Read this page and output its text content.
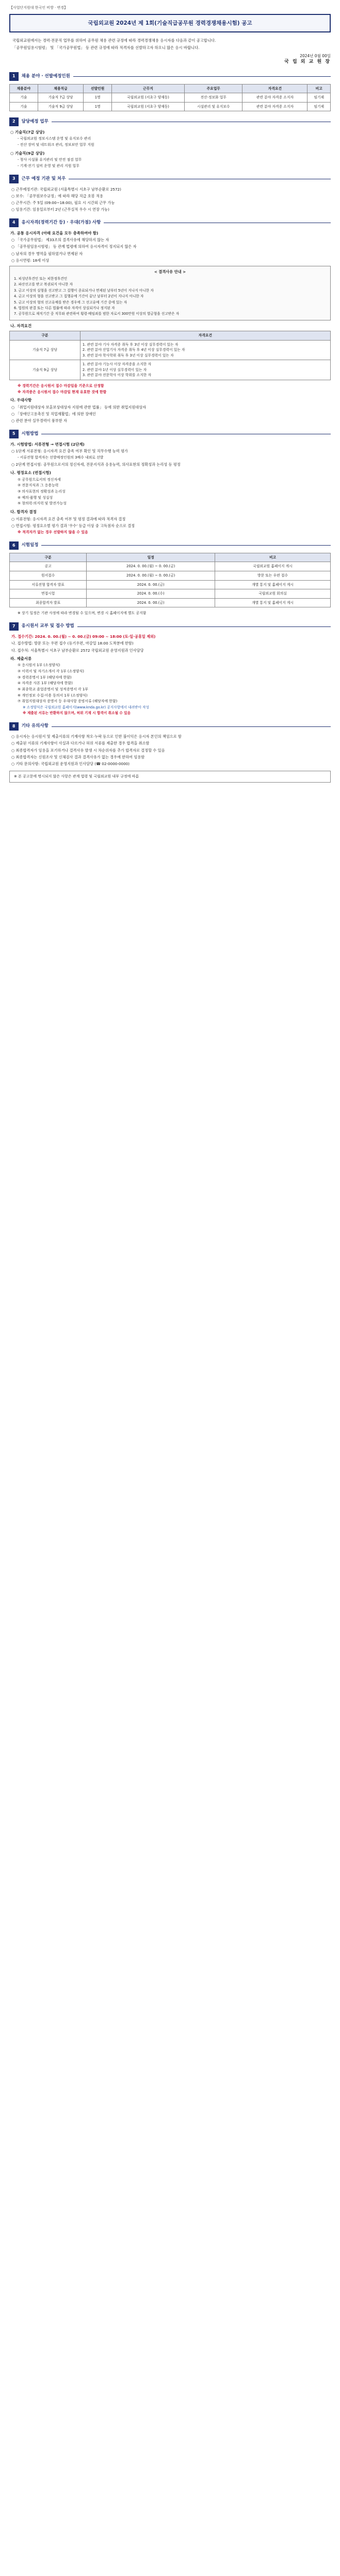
【사업단지원대 한국인 비방 · 변경】
국립외교원 2024년 제 1회(기술직급공무원 경력경쟁채용시험) 공고

국립외교원에서는 경력·전문직 업무를 위하여 공무원 채용 관련 규정에 따라 경력경쟁채용 응시자를 다음과 같이 공고합니다.

「공무원임용시험령」 및 「국가공무원법」 등 관련 규정에 따라 적격자를 선발하고자 하오니 많은 응시 바랍니다.

2024년 0월 00일
국 립 외 교 원 장
1	채용 분야 · 선발예정인원
채용분야	채용직급	선발인원	근무지	주요업무	자격요건	비고
기술	기술직 7급 상당	1명	국립외교원 (서초구 양재동)	전산·정보화 업무	관련 분야 자격증 소지자	임기제
기술	기술직 9급 상당	1명	국립외교원 (서초구 양재동)	시설관리 및 유지보수	관련 분야 자격증 소지자	임기제
2	담당예정 업무
○ 기술직(7급 상당)
- 국립외교원 정보시스템 운영 및 유지보수 관리
- 전산 장비 및 네트워크 관리, 정보보안 업무 지원
○ 기술직(9급 상당)
- 청사 시설물 유지관리 및 안전 점검 업무
- 기계·전기 설비 운영 및 관리 지원 업무
3	근무 예정 기관 및 처우
○ 근무예정기관: 국립외교원 (서울특별시 서초구 남부순환로 2572)
○ 보수: 「공무원보수규정」에 따라 해당 직급 호봉 적용
○ 근무시간: 주 5일 (09:00~18:00), 필요 시 시간외 근무 가능
○ 임용기간: 임용일로부터 2년 (근무실적 우수 시 연장 가능)
4	응시자격(경력기간 등) · 우대(가점) 사항
가. 공통 응시자격 (아래 요건을 모두 충족하여야 함)
○ 「국가공무원법」 제33조의 결격사유에 해당하지 않는 자
○ 「공무원임용시험령」 등 관계 법령에 의하여 응시자격이 정지되지 않은 자
○ 남자의 경우 병역을 필하였거나 면제된 자
○ 응시연령: 18세 이상
< 결격사유 안내 >

1. 피성년후견인 또는 피한정후견인

2. 파산선고를 받고 복권되지 아니한 자

3. 금고 이상의 실형을 선고받고 그 집행이 종료되거나 면제된 날부터 5년이 지나지 아니한 자

4. 금고 이상의 형을 선고받고 그 집행유예 기간이 끝난 날부터 2년이 지나지 아니한 자

5. 금고 이상의 형의 선고유예를 받은 경우에 그 선고유예 기간 중에 있는 자

6. 법원의 판결 또는 다른 법률에 따라 자격이 상실되거나 정지된 자

7. 공무원으로 재직기간 중 직무와 관련하여 횡령·배임죄를 범한 자로서 300만원 이상의 벌금형을 선고받은 자

나. 자격요건
구분	자격요건
기술직 7급 상당	1. 관련 분야 기사 자격증 취득 후 3년 이상 실무경력이 있는 자
2. 관련 분야 산업기사 자격증 취득 후 4년 이상 실무경력이 있는 자
3. 관련 분야 학사학위 취득 후 3년 이상 실무경력이 있는 자
기술직 9급 상당	1. 관련 분야 기능사 이상 자격증을 소지한 자
2. 관련 분야 1년 이상 실무경력이 있는 자
3. 관련 분야 전문학사 이상 학위를 소지한 자
※ 경력기간은 응시원서 접수 마감일을 기준으로 산정함
※ 자격증은 응시원서 접수 마감일 현재 유효한 것에 한함
다. 우대사항
○ 「취업지원대상자 보훈보상대상자 지원에 관한 법률」 등에 의한 취업지원대상자
○ 「장애인고용촉진 및 직업재활법」에 의한 장애인
○ 관련 분야 실무경력이 풍부한 자
5	시험방법
가. 시험방법: 서류전형 → 면접시험 (2단계)
○ 1단계 서류전형: 응시자격 요건 충족 여부 확인 및 직무수행 능력 평가
- 서류전형 합격자는 선발예정인원의 3배수 내외로 선발
○ 2단계 면접시험: 공무원으로서의 정신자세, 전문지식과 응용능력, 의사표현의 정확성과 논리성 등 평정
나. 평정요소 (면접시험)
① 공무원으로서의 정신자세
② 전문지식과 그 응용능력
③ 의사표현의 정확성과 논리성
④ 예의·품행 및 성실성
⑤ 창의력·의지력 및 발전가능성
다. 합격자 결정
○ 서류전형: 응시자격 요건 충족 여부 및 평정 결과에 따라 적격자 결정
○ 면접시험: 평정요소별 평가 결과 '우수' 등급 이상 중 고득점자 순으로 결정
※ 적격자가 없는 경우 선발하지 않을 수 있음
6	시험일정
구분	일정	비고
공고	2024. 0. 00.(월) ~ 0. 00.(금)	국립외교원 홈페이지 게시
원서접수	2024. 0. 00.(월) ~ 0. 00.(금)	방문 또는 우편 접수
서류전형 합격자 발표	2024. 0. 00.(금)	개별 통지 및 홈페이지 게시
면접시험	2024. 0. 00.(수)	국립외교원 회의실
최종합격자 발표	2024. 0. 00.(금)	개별 통지 및 홈페이지 게시
※ 상기 일정은 기관 사정에 따라 변경될 수 있으며, 변경 시 홈페이지에 별도 공지함
7	응시원서 교부 및 접수 방법
가. 접수기간: 2024. 0. 00.(월) ~ 0. 00.(금) 09:00 ~ 18:00 (토·일·공휴일 제외)
나. 접수방법: 방문 또는 우편 접수 (등기우편, 마감일 18:00 도착분에 한함)
다. 접수처: 서울특별시 서초구 남부순환로 2572 국립외교원 운영지원과 인사담당
라. 제출서류
① 응시원서 1부 (소정양식)
② 이력서 및 자기소개서 각 1부 (소정양식)
③ 경력증명서 1부 (해당자에 한함)
④ 자격증 사본 1부 (해당자에 한함)
⑤ 최종학교 졸업증명서 및 성적증명서 각 1부
⑥ 개인정보 수집·이용 동의서 1부 (소정양식)
⑦ 취업지원대상자 증명서 등 우대사항 증빙서류 (해당자에 한함)
※ 소정양식은 국립외교원 홈페이지(www.knda.go.kr) 공지사항에서 내려받아 작성
※ 제출된 서류는 반환하지 않으며, 허위 기재 시 합격이 취소될 수 있음
8	기타 유의사항
○ 응시자는 응시원서 및 제출서류의 기재사항 착오·누락 등으로 인한 불이익은 응시자 본인의 책임으로 함
○ 제출된 서류의 기재사항이 사실과 다르거나 허위 서류를 제출한 경우 합격을 취소함
○ 최종합격자가 임용을 포기하거나 결격사유 발생 시 차순위자를 추가 합격자로 결정할 수 있음
○ 최종합격자는 신원조사 및 신체검사 결과 결격사유가 없는 경우에 한하여 임용함
○ 기타 문의사항: 국립외교원 운영지원과 인사담당 (☎ 02-0000-0000)
※ 본 공고문에 명시되지 않은 사항은 관계 법령 및 국립외교원 내부 규정에 따름
